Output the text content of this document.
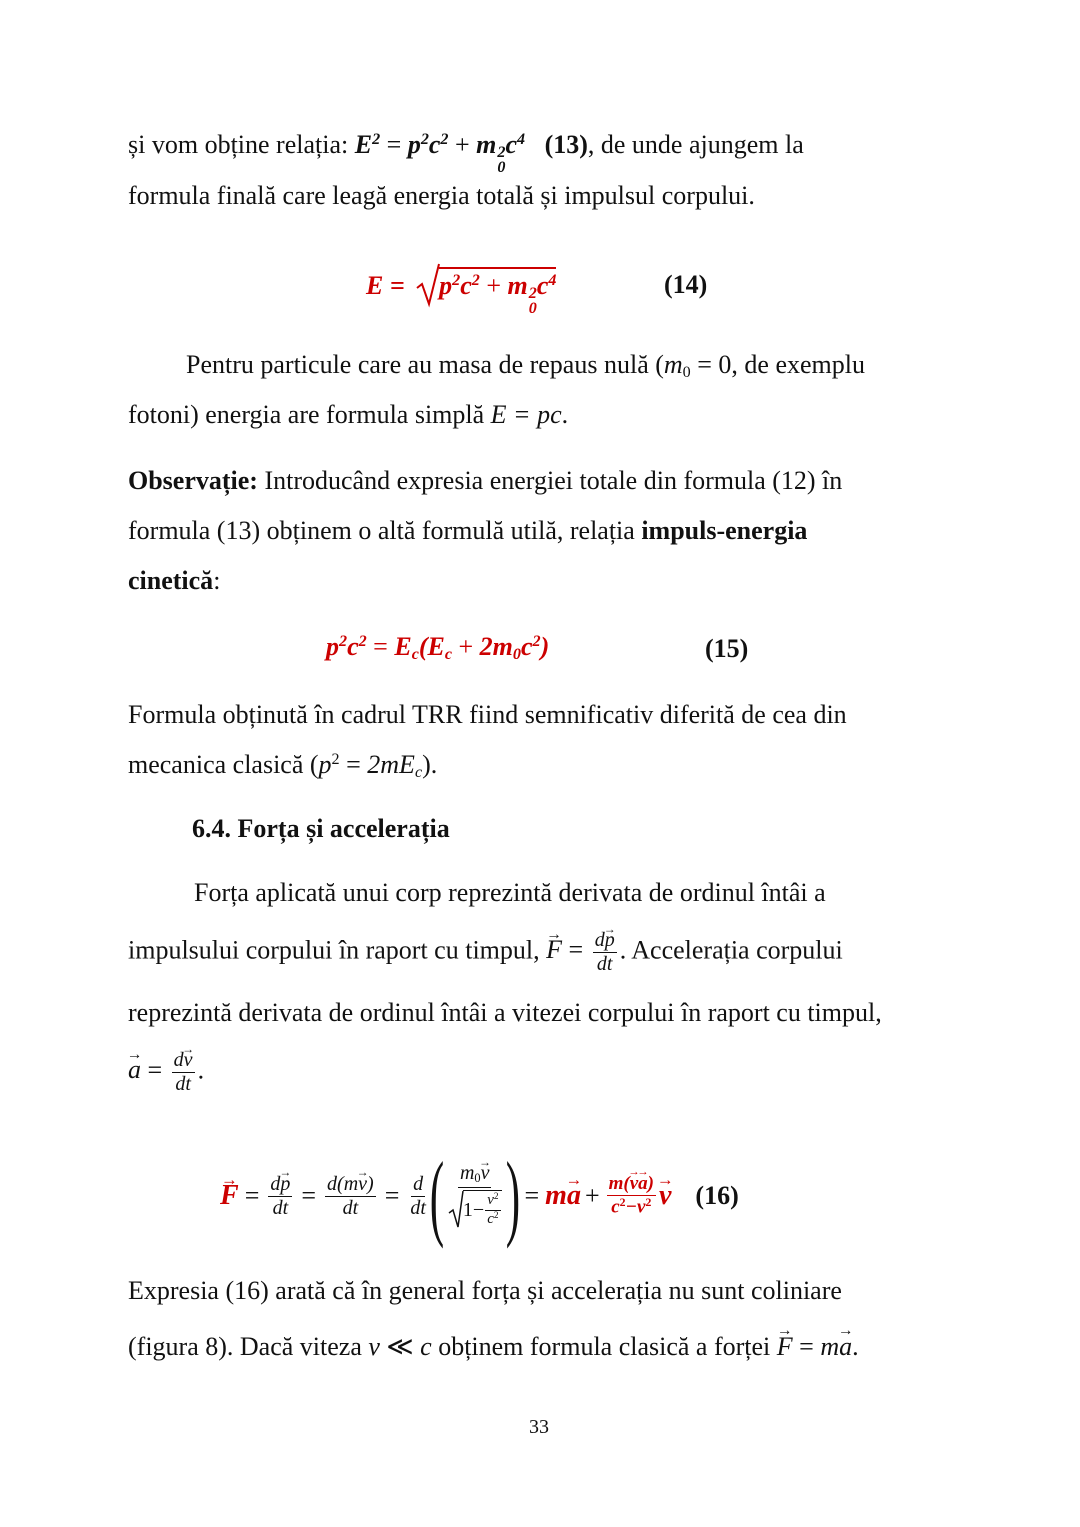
și vom obține relația: $E^2 = p^2c^2 + m$ 2
0
$c^4$ (13), de unde ajungem la
formula finală care leagă energia totală și impulsul corpului.
$E = p^2c^2 + m$ 2
0
$c^4$	(14)
Pentru particule care au masa de repaus nulă ($m_0 = 0$, de exemplu
fotoni) energia are formula simplă E = pc.
Observație: Introducând expresia energiei totale din formula (12) în
formula (13) obținem o altă formulă utilă, relația impuls-energia
cinetică:
$p^2c^2 = E_c(E_c + 2m_0c^2)$	(15)
Formula obținută în cadrul TRR fiind semnificativ diferită de cea din
mecanica clasică $(p^2 = 2mE_c)$.
6.4. Forța și accelerația
Forța aplicată unui corp reprezintă derivata de ordinul întâi a
impulsului corpului în raport cu timpul, F → = $\frac{dp \to}{dt}$ . Accelerația corpului
reprezintă derivata de ordinul întâi a vitezei corpului în raport cu timpul,
a → = $\frac{dv \to}{dt}$ .
F → = $\frac{dp \to}{dt} = \frac{d(mv \to)}{dt} = \frac{d}{dt}$ ( $\frac{m_0v \to}{1- \frac{v^2}{c^2}}$ ) = ma → + $\frac{m(v \to a \to)}{c^2-v^2}$ v → (16)
Expresia (16) arată că în general forța și accelerația nu sunt coliniare
(figura 8). Dacă viteza v ≪ c obținem formula clasică a forței F → = ma →.
33
